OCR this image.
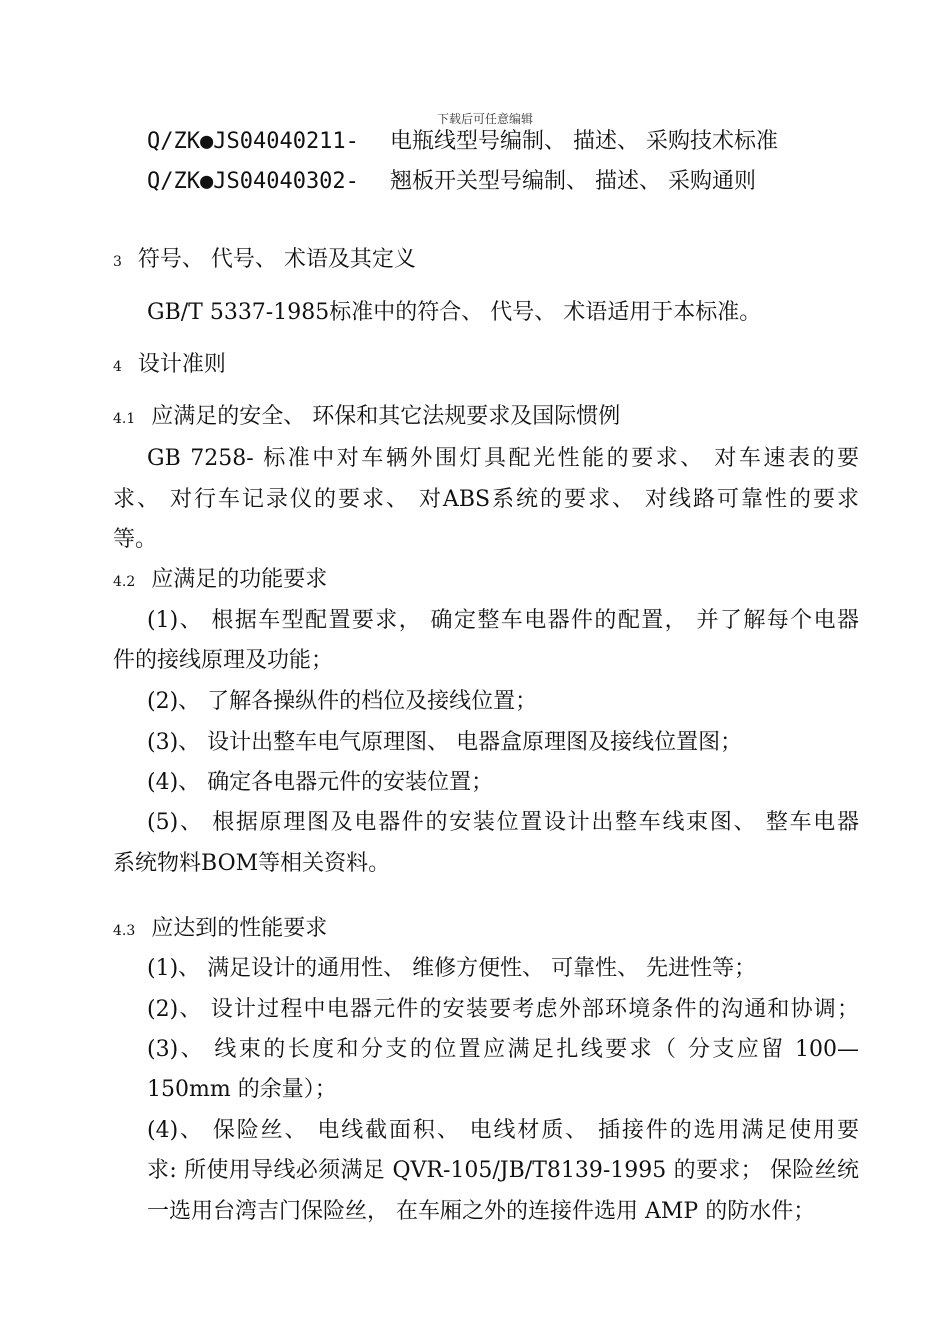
下载后可任意编辑
Q/ZK●JS04040211- 电瓶线型号编制、 描述、 采购技术标准
Q/ZK●JS04040302- 翘板开关型号编制、 描述、 采购通则
3 符号、 代号、 术语及其定义
GB/T 5337-1985标准中的符合、 代号、 术语适用于本标准。
4 设计准则
4.1 应满足的安全、 环保和其它法规要求及国际惯例
GB 7258- 标准中对车辆外围灯具配光性能的要求、 对车速表的要
求、 对行车记录仪的要求、 对ABS系统的要求、 对线路可靠性的要求
等。
4.2 应满足的功能要求
(1)、 根据车型配置要求， 确定整车电器件的配置， 并了解每个电器
件的接线原理及功能；
(2)、 了解各操纵件的档位及接线位置；
(3)、 设计出整车电气原理图、 电器盒原理图及接线位置图；
(4)、 确定各电器元件的安装位置；
(5)、 根据原理图及电器件的安装位置设计出整车线束图、 整车电器
系统物料BOM等相关资料。
4.3 应达到的性能要求
(1)、 满足设计的通用性、 维修方便性、 可靠性、 先进性等；
(2)、 设计过程中电器元件的安装要考虑外部环境条件的沟通和协调；
(3)、 线束的长度和分支的位置应满足扎线要求（ 分支应留 100—
150mm 的余量）；
(4)、 保险丝、 电线截面积、 电线材质、 插接件的选用满足使用要
求: 所使用导线必须满足 QVR-105/JB/T8139-1995 的要求； 保险丝统
一选用台湾吉门保险丝， 在车厢之外的连接件选用 AMP 的防水件；
